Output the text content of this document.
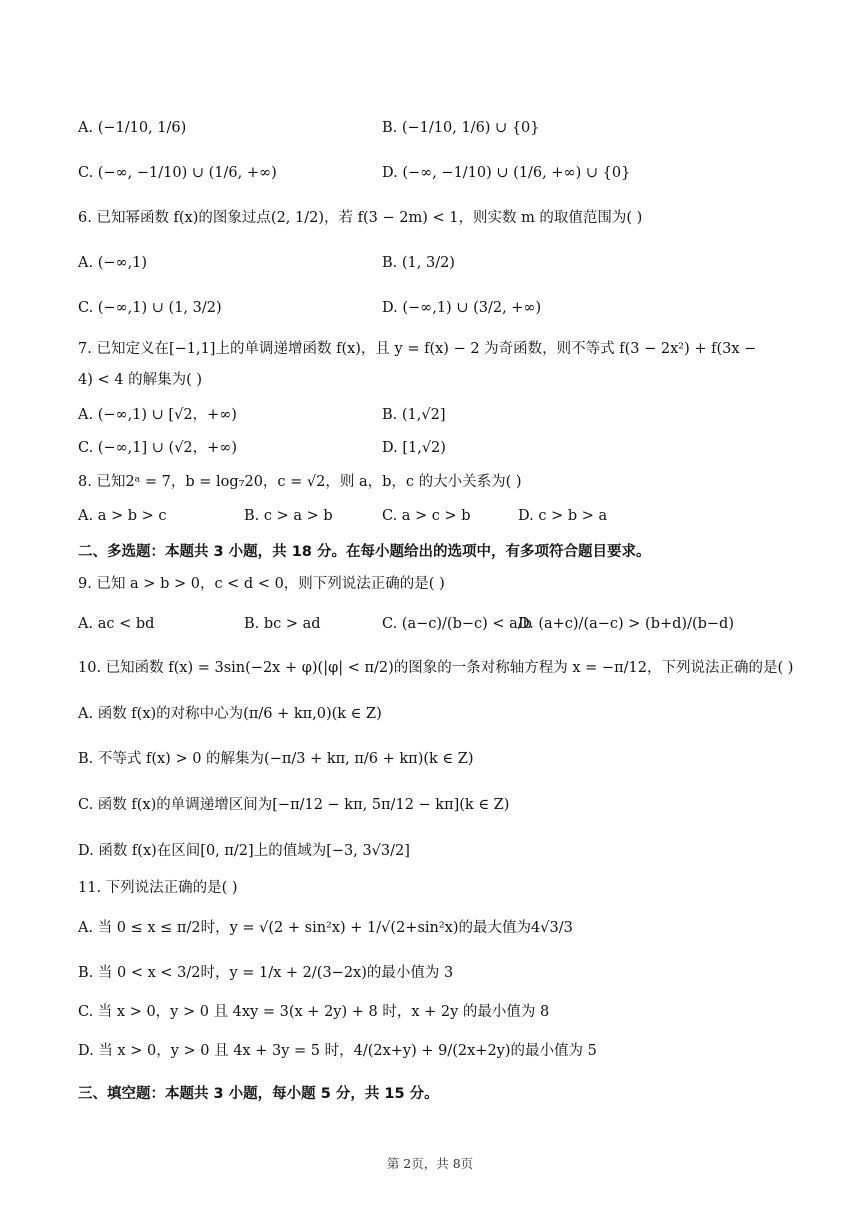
A. (−1/10, 1/6)	B. (−1/10, 1/6) ∪ {0}
C. (−∞, −1/10) ∪ (1/6, +∞)	D. (−∞, −1/10) ∪ (1/6, +∞) ∪ {0}
6. 已知幂函数 f(x)的图象过点(2, 1/2)，若 f(3 − 2m) < 1，则实数 m 的取值范围为( )
A. (−∞,1)	B. (1, 3/2)
C. (−∞,1) ∪ (1, 3/2)	D. (−∞,1) ∪ (3/2, +∞)
7. 已知定义在[−1,1]上的单调递增函数 f(x)，且 y = f(x) − 2 为奇函数，则不等式 f(3 − 2x²) + f(3x −
4) < 4 的解集为( )
A. (−∞,1) ∪ [√2，+∞)	B. (1,√2]
C. (−∞,1] ∪ (√2，+∞)	D. [1,√2)
8. 已知2ᵃ = 7，b = log₇20，c = √2，则 a，b，c 的大小关系为( )
A. a > b > c	B. c > a > b	C. a > c > b	D. c > b > a
二、多选题：本题共 3 小题，共 18 分。在每小题给出的选项中，有多项符合题目要求。
9. 已知 a > b > 0，c < d < 0，则下列说法正确的是( )
A. ac < bd	B. bc > ad	C. (a−c)/(b−c) < a/b
D. (a+c)/(a−c) > (b+d)/(b−d)
10. 已知函数 f(x) = 3sin(−2x + φ)(|φ| < π/2)的图象的一条对称轴方程为 x = −π/12，下列说法正确的是( )
A. 函数 f(x)的对称中心为(π/6 + kπ,0)(k ∈ Z)
B. 不等式 f(x) > 0 的解集为(−π/3 + kπ, π/6 + kπ)(k ∈ Z)
C. 函数 f(x)的单调递增区间为[−π/12 − kπ, 5π/12 − kπ](k ∈ Z)
D. 函数 f(x)在区间[0, π/2]上的值域为[−3, 3√3/2]
11. 下列说法正确的是( )
A. 当 0 ≤ x ≤ π/2时，y = √(2 + sin²x) + 1/√(2+sin²x)的最大值为4√3/3
B. 当 0 < x < 3/2时，y = 1/x + 2/(3−2x)的最小值为 3
C. 当 x > 0，y > 0 且 4xy = 3(x + 2y) + 8 时，x + 2y 的最小值为 8
D. 当 x > 0，y > 0 且 4x + 3y = 5 时，4/(2x+y) + 9/(2x+2y)的最小值为 5
三、填空题：本题共 3 小题，每小题 5 分，共 15 分。
第 2页，共 8页
